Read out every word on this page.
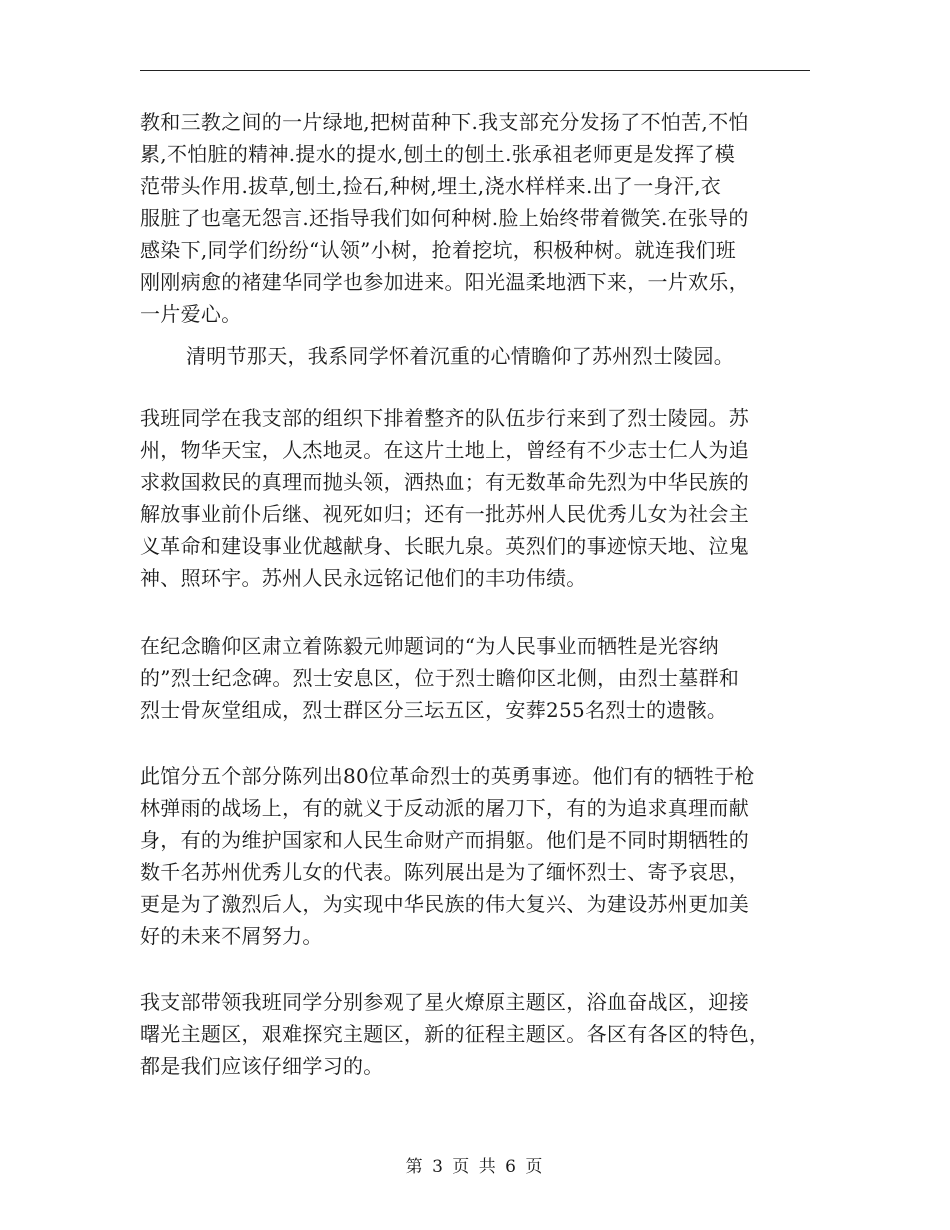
教和三教之间的一片绿地,把树苗种下.我支部充分发扬了不怕苦,不怕
累,不怕脏的精神.提水的提水,刨土的刨土.张承祖老师更是发挥了模
范带头作用.拔草,刨土,捡石,种树,埋土,浇水样样来.出了一身汗,衣
服脏了也毫无怨言.还指导我们如何种树.脸上始终带着微笑.在张导的
感染下,同学们纷纷“认领”小树，抢着挖坑，积极种树。就连我们班
刚刚病愈的褚建华同学也参加进来。阳光温柔地洒下来，一片欢乐，
一片爱心。

清明节那天，我系同学怀着沉重的心情瞻仰了苏州烈士陵园。

我班同学在我支部的组织下排着整齐的队伍步行来到了烈士陵园。苏
州，物华天宝，人杰地灵。在这片土地上，曾经有不少志士仁人为追
求救国救民的真理而抛头领，洒热血；有无数革命先烈为中华民族的
解放事业前仆后继、视死如归；还有一批苏州人民优秀儿女为社会主
义革命和建设事业优越献身、长眠九泉。英烈们的事迹惊天地、泣鬼
神、照环宇。苏州人民永远铭记他们的丰功伟绩。

在纪念瞻仰区肃立着陈毅元帅题词的“为人民事业而牺牲是光容纳
的”烈士纪念碑。烈士安息区，位于烈士瞻仰区北侧，由烈士墓群和
烈士骨灰堂组成，烈士群区分三坛五区，安葬255名烈士的遗骸。

此馆分五个部分陈列出80位革命烈士的英勇事迹。他们有的牺牲于枪
林弹雨的战场上，有的就义于反动派的屠刀下，有的为追求真理而献
身，有的为维护国家和人民生命财产而捐躯。他们是不同时期牺牲的
数千名苏州优秀儿女的代表。陈列展出是为了缅怀烈士、寄予哀思，
更是为了激烈后人，为实现中华民族的伟大复兴、为建设苏州更加美
好的未来不屑努力。

我支部带领我班同学分别参观了星火燎原主题区，浴血奋战区，迎接
曙光主题区，艰难探究主题区，新的征程主题区。各区有各区的特色，
都是我们应该仔细学习的。

第 3 页 共 6 页
